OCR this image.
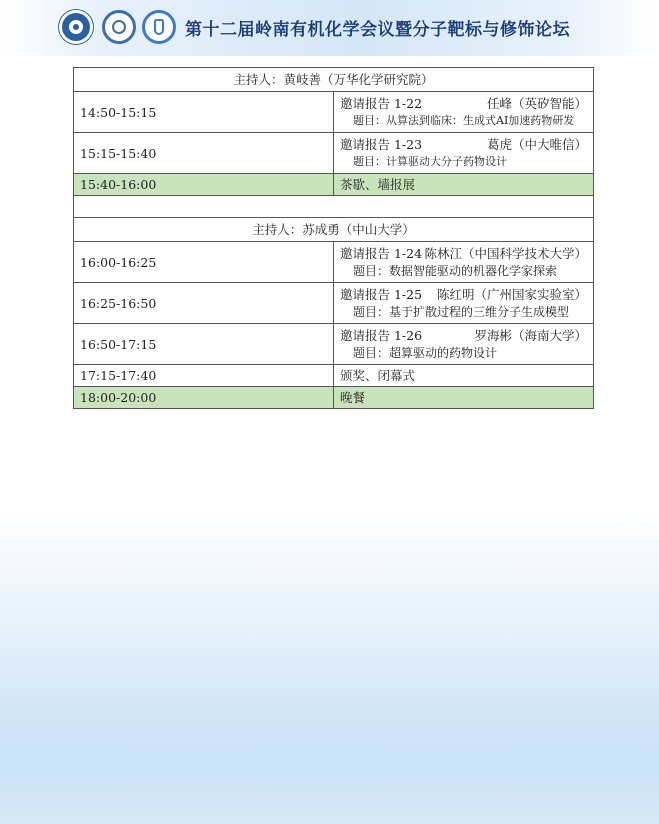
第十二届岭南有机化学会议暨分子靶标与修饰论坛
主持人：黄岐善（万华化学研究院）	
14:50-15:15	邀请报告 1-22 任峰（英矽智能）
题目：从算法到临床：生成式AI加速药物研发

15:15-15:40	邀请报告 1-23 葛虎（中大唯信）
题目：计算驱动大分子药物设计

15:40-16:00	茶歇、墙报展

主持人：苏成勇（中山大学）	
16:00-16:25	邀请报告 1-24 陈林江（中国科学技术大学）
题目：数据智能驱动的机器化学家探索

16:25-16:50	邀请报告 1-25 陈红明（广州国家实验室）
题目：基于扩散过程的三维分子生成模型

16:50-17:15	邀请报告 1-26 罗海彬（海南大学）
题目：超算驱动的药物设计

17:15-17:40	颁奖、闭幕式
18:00-20:00	晚餐
